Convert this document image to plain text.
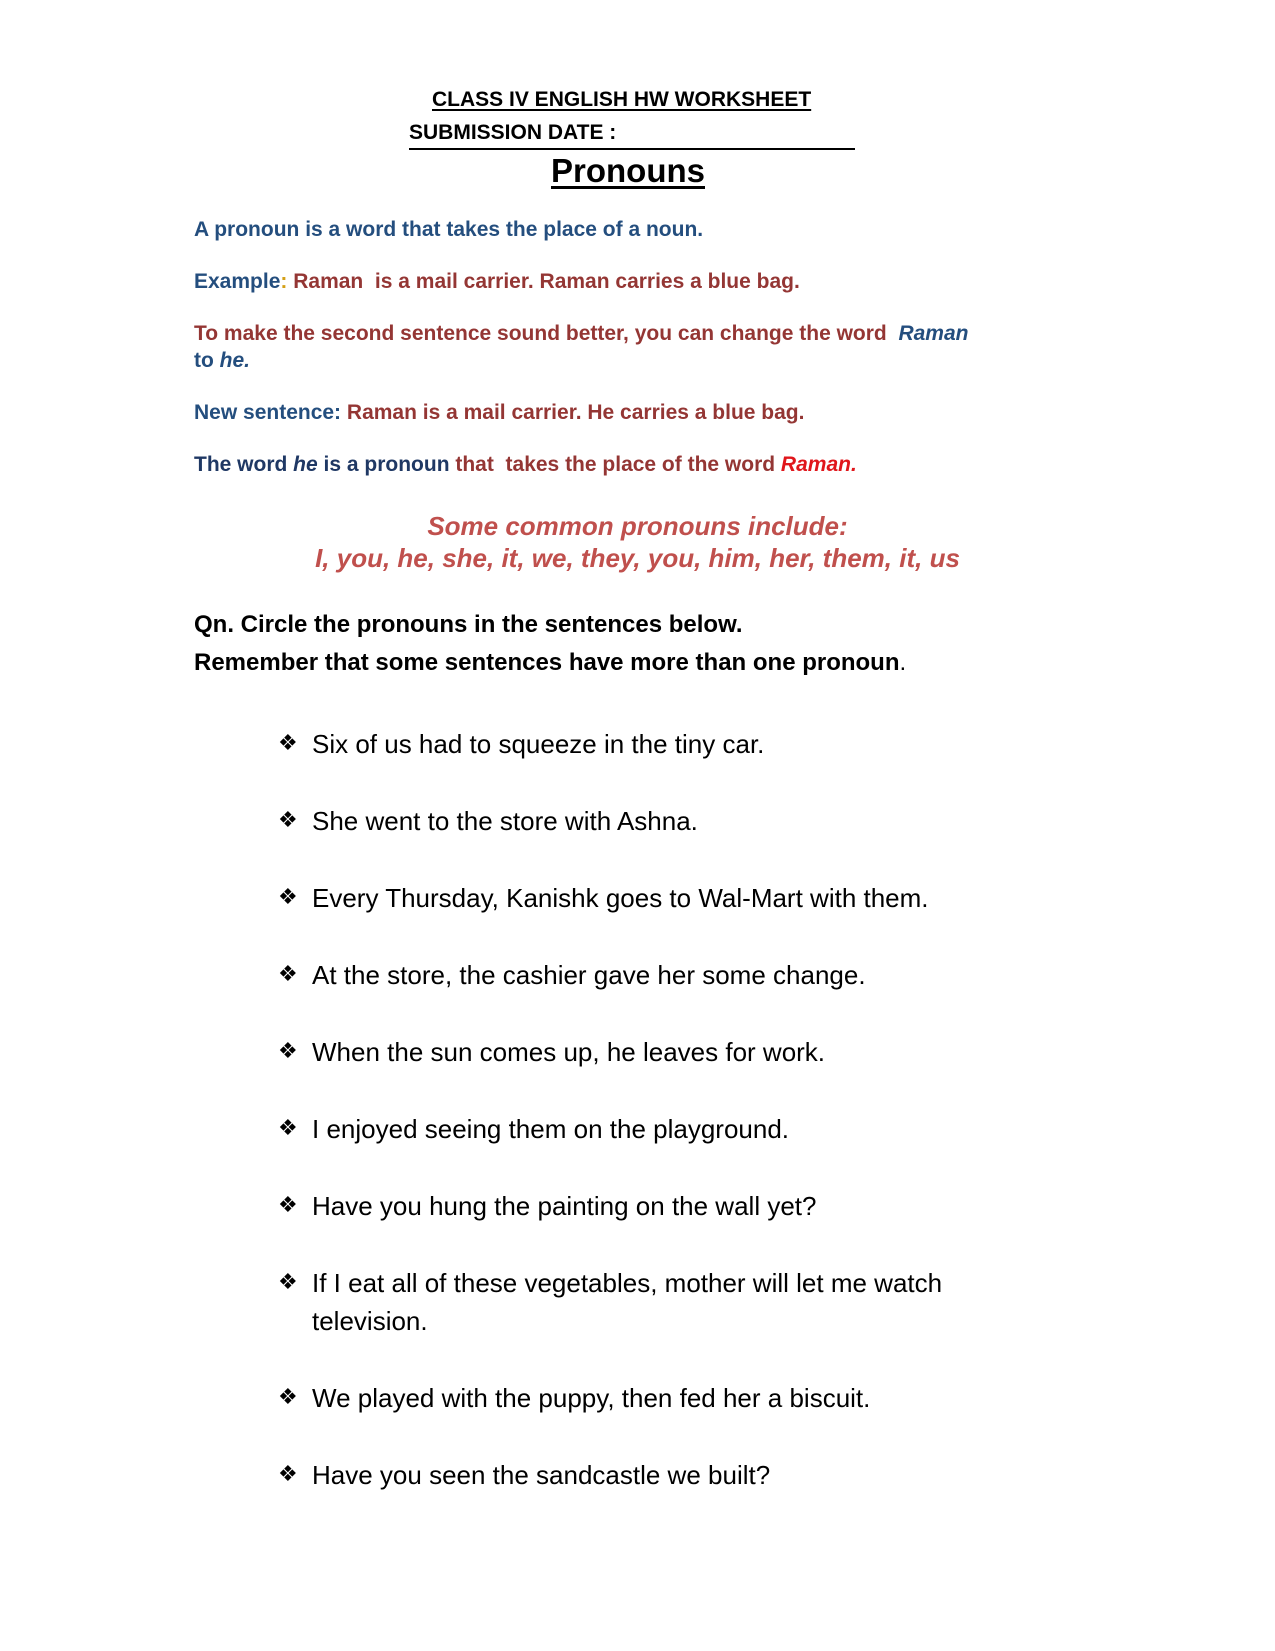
CLASS IV ENGLISH HW WORKSHEET
SUBMISSION DATE :
Pronouns
A pronoun is a word that takes the place of a noun.
Example: Raman  is a mail carrier. Raman carries a blue bag.
To make the second sentence sound better, you can change the word  Raman
to he.
New sentence: Raman is a mail carrier. He carries a blue bag.
The word he is a pronoun that  takes the place of the word Raman.
Some common pronouns include:
I, you, he, she, it, we, they, you, him, her, them, it, us
Qn. Circle the pronouns in the sentences below.
Remember that some sentences have more than one pronoun.
❖ Six of us had to squeeze in the tiny car.
❖ She went to the store with Ashna.
❖ Every Thursday, Kanishk goes to Wal-Mart with them.
❖ At the store, the cashier gave her some change.
❖ When the sun comes up, he leaves for work.
❖ I enjoyed seeing them on the playground.
❖ Have you hung the painting on the wall yet?
❖ If I eat all of these vegetables, mother will let me watch television.
❖ We played with the puppy, then fed her a biscuit.
❖ Have you seen the sandcastle we built?
